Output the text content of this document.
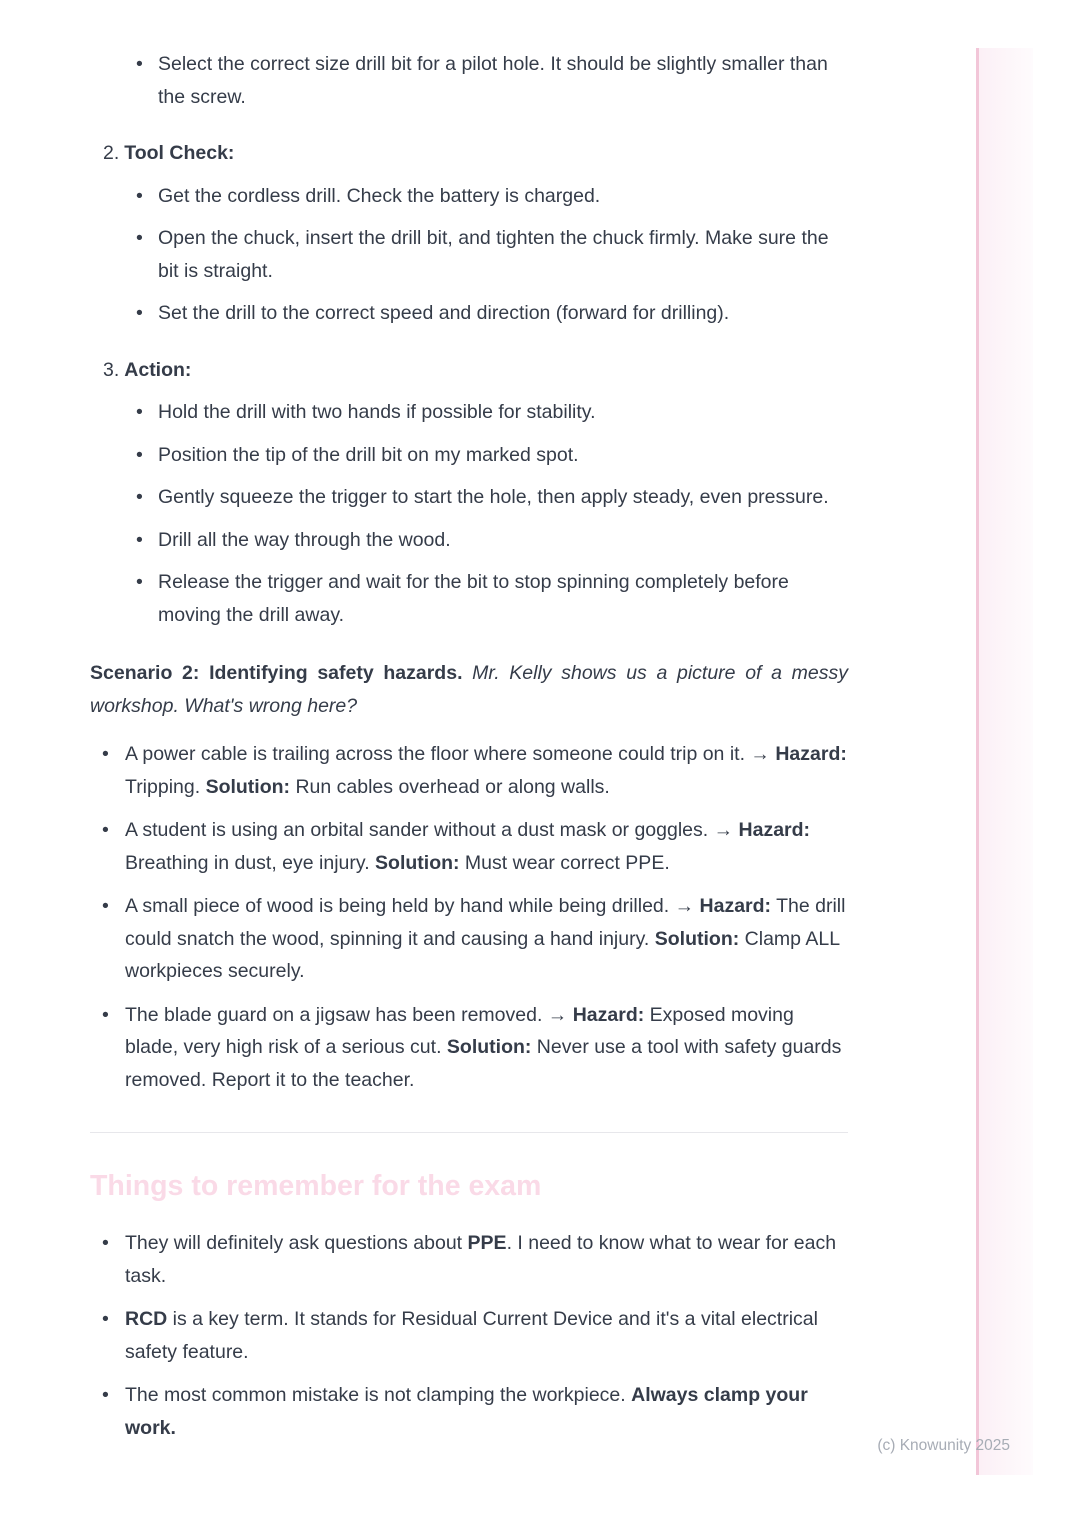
• Select the correct size drill bit for a pilot hole. It should be slightly smaller than the screw.
2. Tool Check:
• Get the cordless drill. Check the battery is charged.
• Open the chuck, insert the drill bit, and tighten the chuck firmly. Make sure the bit is straight.
• Set the drill to the correct speed and direction (forward for drilling).
3. Action:
• Hold the drill with two hands if possible for stability.
• Position the tip of the drill bit on my marked spot.
• Gently squeeze the trigger to start the hole, then apply steady, even pressure.
• Drill all the way through the wood.
• Release the trigger and wait for the bit to stop spinning completely before moving the drill away.

Scenario 2: Identifying safety hazards. Mr. Kelly shows us a picture of a messy workshop. What's wrong here?

• A power cable is trailing across the floor where someone could trip on it. → Hazard: Tripping. Solution: Run cables overhead or along walls.
• A student is using an orbital sander without a dust mask or goggles. → Hazard: Breathing in dust, eye injury. Solution: Must wear correct PPE.
• A small piece of wood is being held by hand while being drilled. → Hazard: The drill could snatch the wood, spinning it and causing a hand injury. Solution: Clamp ALL workpieces securely.
• The blade guard on a jigsaw has been removed. → Hazard: Exposed moving blade, very high risk of a serious cut. Solution: Never use a tool with safety guards removed. Report it to the teacher.
Things to remember for the exam
• They will definitely ask questions about PPE. I need to know what to wear for each task.
• RCD is a key term. It stands for Residual Current Device and it's a vital electrical safety feature.
• The most common mistake is not clamping the workpiece. Always clamp your work.
(c) Knowunity 2025
